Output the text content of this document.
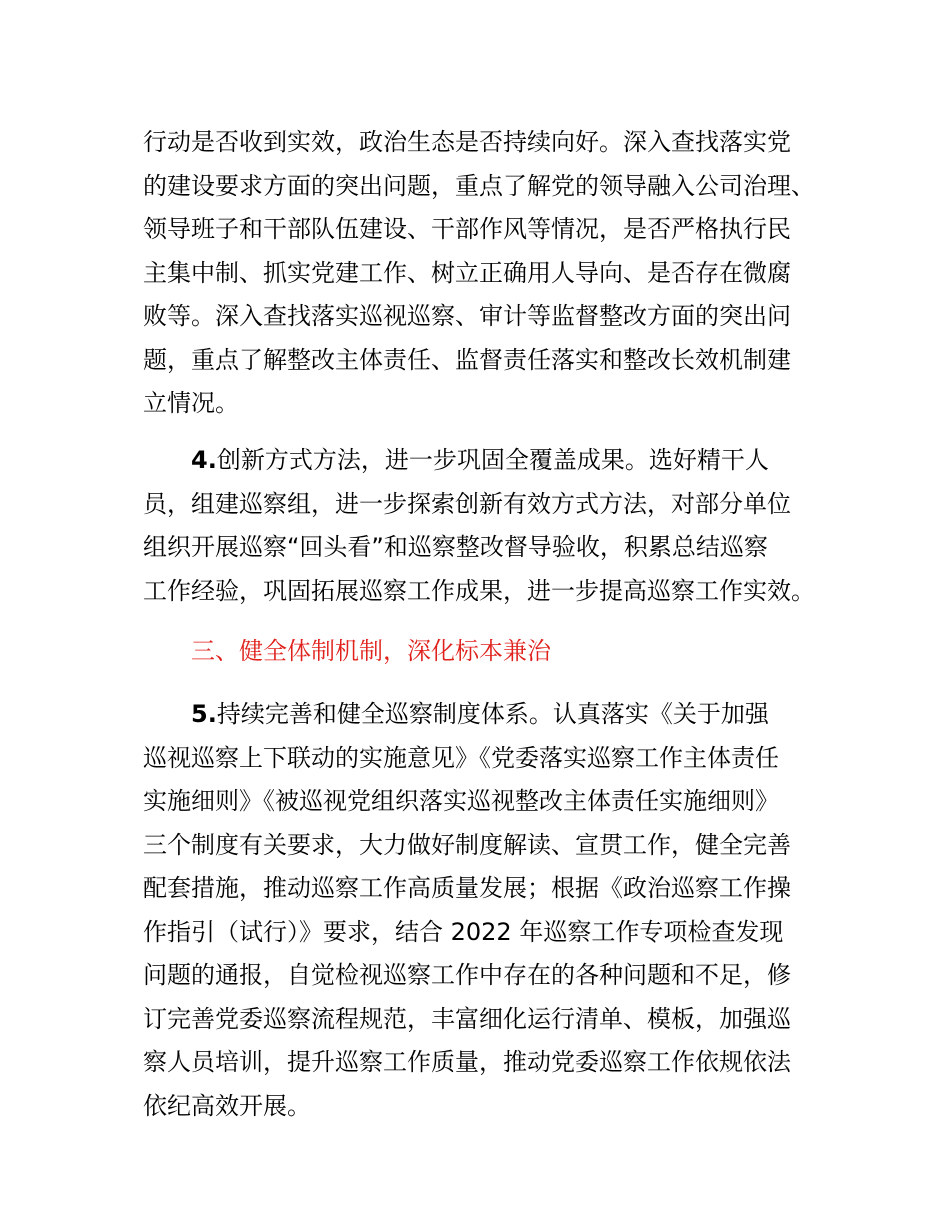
行动是否收到实效，政治生态是否持续向好。深入查找落实党
的建设要求方面的突出问题，重点了解党的领导融入公司治理、
领导班子和干部队伍建设、干部作风等情况，是否严格执行民
主集中制、抓实党建工作、树立正确用人导向、是否存在微腐
败等。深入查找落实巡视巡察、审计等监督整改方面的突出问
题，重点了解整改主体责任、监督责任落实和整改长效机制建
立情况。
4.创新方式方法，进一步巩固全覆盖成果。选好精干人
员，组建巡察组，进一步探索创新有效方式方法，对部分单位
组织开展巡察“回头看”和巡察整改督导验收，积累总结巡察
工作经验，巩固拓展巡察工作成果，进一步提高巡察工作实效。
三、健全体制机制，深化标本兼治
5.持续完善和健全巡察制度体系。认真落实《关于加强
巡视巡察上下联动的实施意见》《党委落实巡察工作主体责任
实施细则》《被巡视党组织落实巡视整改主体责任实施细则》
三个制度有关要求，大力做好制度解读、宣贯工作，健全完善
配套措施，推动巡察工作高质量发展；根据《政治巡察工作操
作指引（试行）》要求，结合 2022 年巡察工作专项检查发现
问题的通报，自觉检视巡察工作中存在的各种问题和不足，修
订完善党委巡察流程规范，丰富细化运行清单、模板，加强巡
察人员培训，提升巡察工作质量，推动党委巡察工作依规依法
依纪高效开展。
